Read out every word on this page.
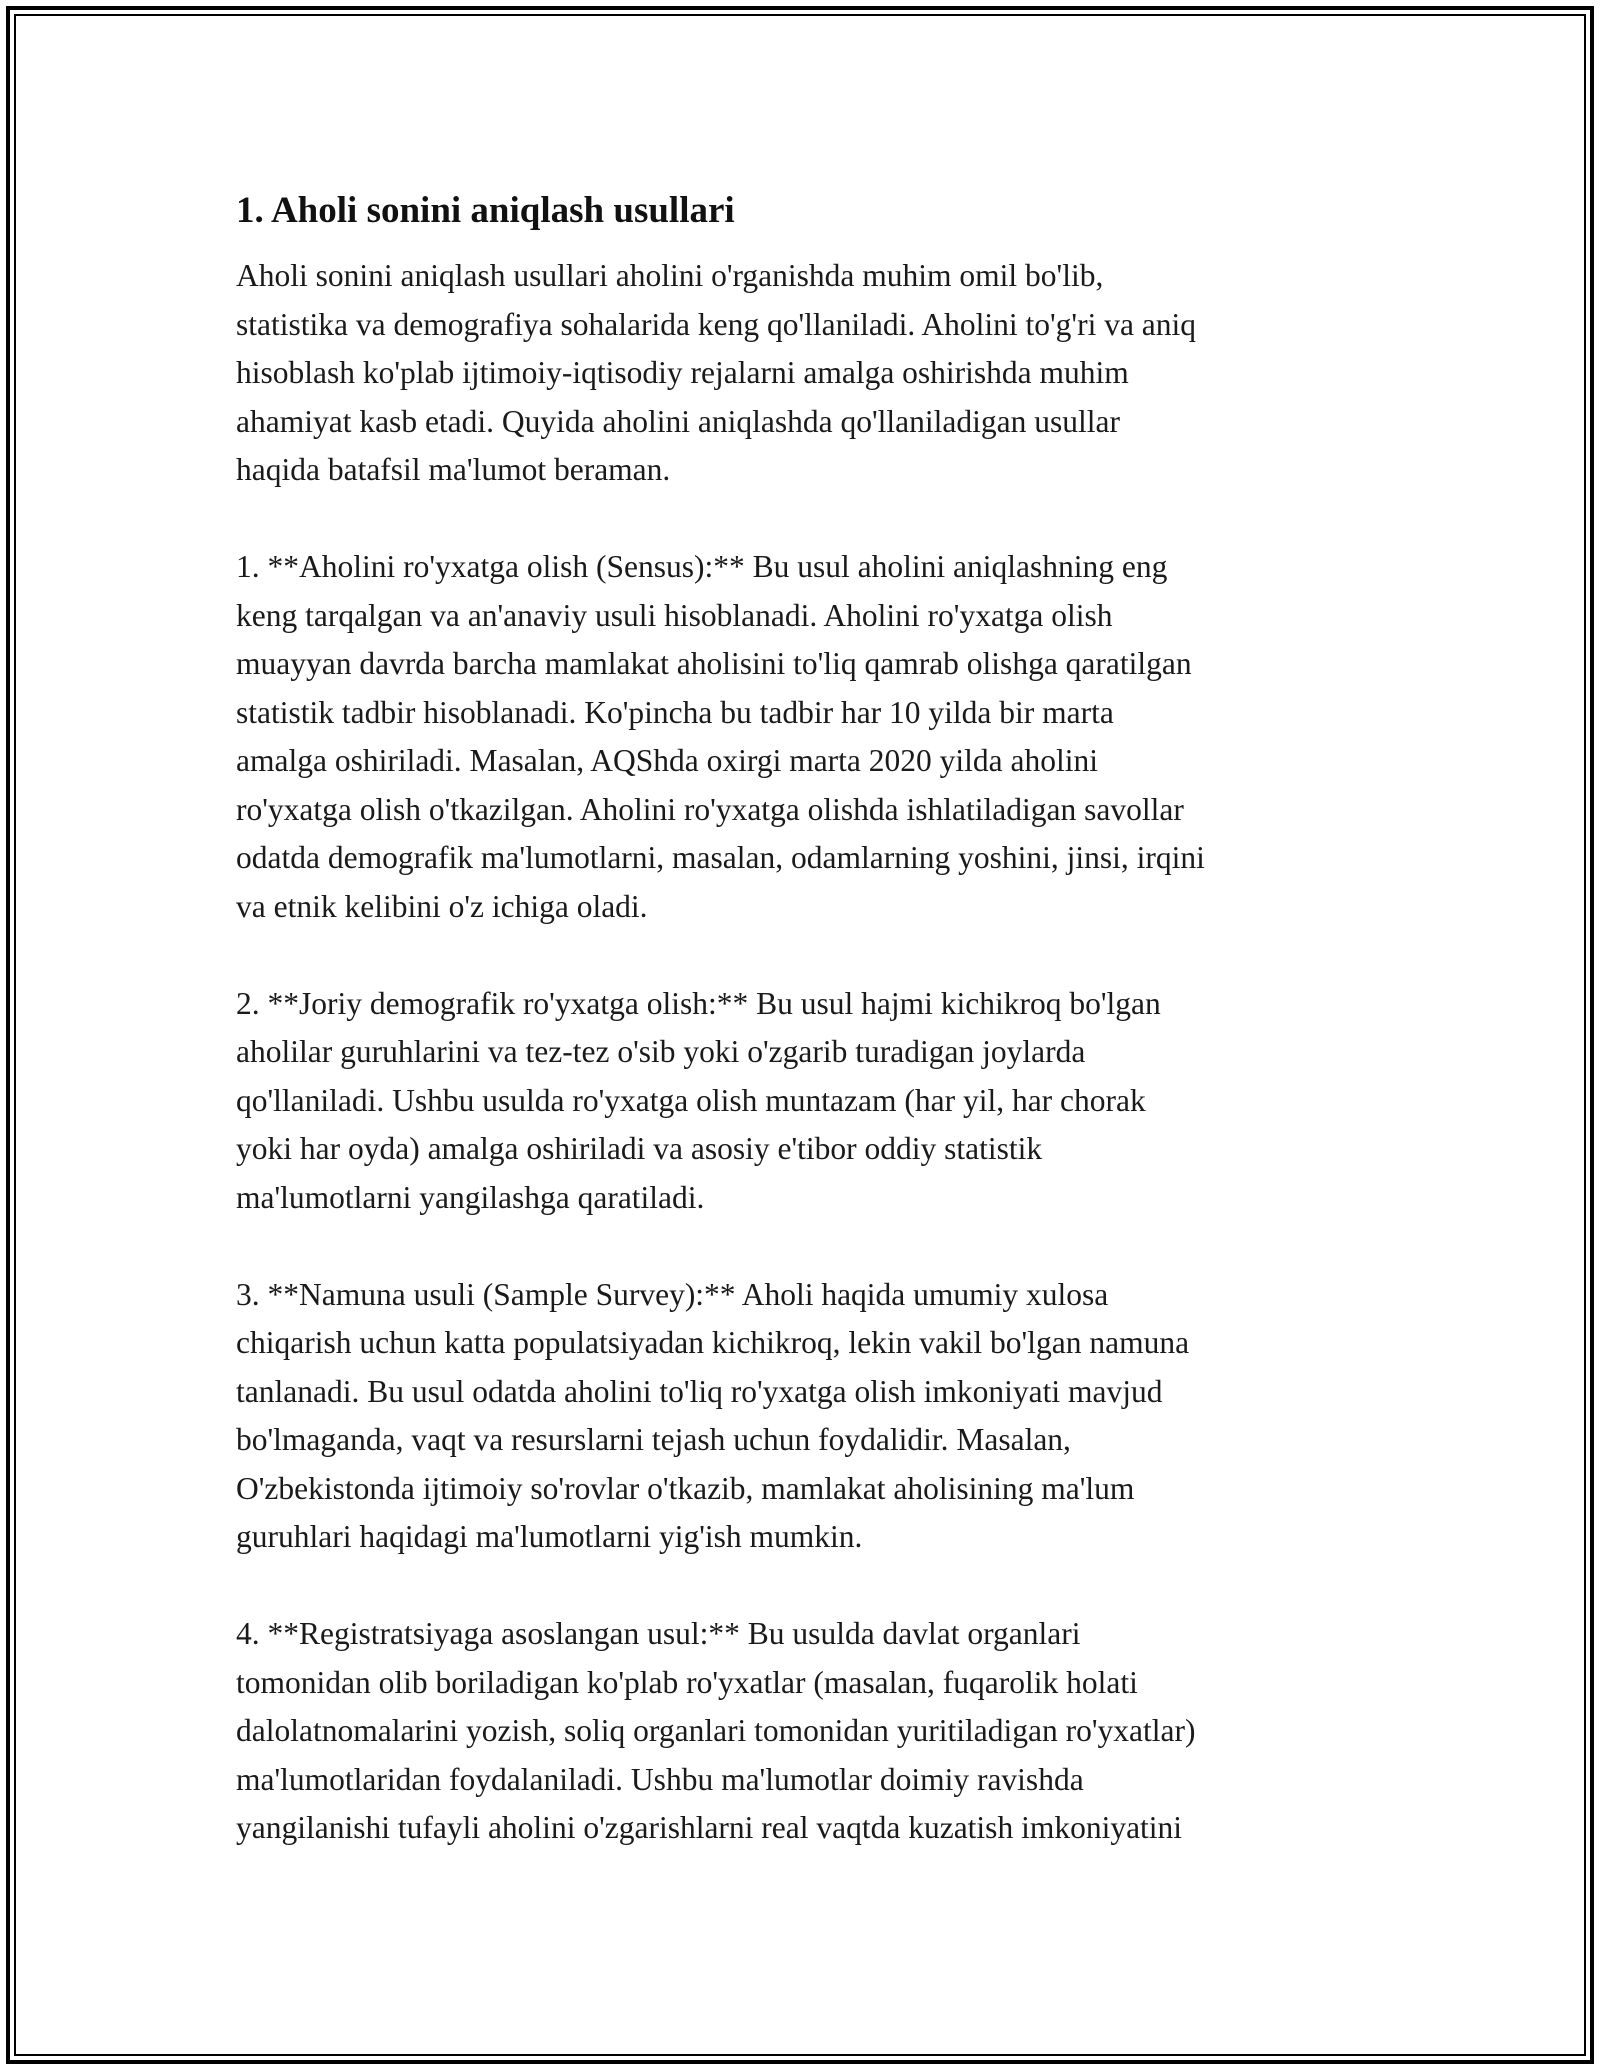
1. Aholi sonini aniqlash usullari
Aholi sonini aniqlash usullari aholini o'rganishda muhim omil bo'lib,
statistika va demografiya sohalarida keng qo'llaniladi. Aholini to'g'ri va aniq
hisoblash ko'plab ijtimoiy-iqtisodiy rejalarni amalga oshirishda muhim
ahamiyat kasb etadi. Quyida aholini aniqlashda qo'llaniladigan usullar
haqida batafsil ma'lumot beraman.
1. **Aholini ro'yxatga olish (Sensus):** Bu usul aholini aniqlashning eng
keng tarqalgan va an'anaviy usuli hisoblanadi. Aholini ro'yxatga olish
muayyan davrda barcha mamlakat aholisini to'liq qamrab olishga qaratilgan
statistik tadbir hisoblanadi. Ko'pincha bu tadbir har 10 yilda bir marta
amalga oshiriladi. Masalan, AQShda oxirgi marta 2020 yilda aholini
ro'yxatga olish o'tkazilgan. Aholini ro'yxatga olishda ishlatiladigan savollar
odatda demografik ma'lumotlarni, masalan, odamlarning yoshini, jinsi, irqini
va etnik kelibini o'z ichiga oladi.
2. **Joriy demografik ro'yxatga olish:** Bu usul hajmi kichikroq bo'lgan
aholilar guruhlarini va tez-tez o'sib yoki o'zgarib turadigan joylarda
qo'llaniladi. Ushbu usulda ro'yxatga olish muntazam (har yil, har chorak
yoki har oyda) amalga oshiriladi va asosiy e'tibor oddiy statistik
ma'lumotlarni yangilashga qaratiladi.
3. **Namuna usuli (Sample Survey):** Aholi haqida umumiy xulosa
chiqarish uchun katta populatsiyadan kichikroq, lekin vakil bo'lgan namuna
tanlanadi. Bu usul odatda aholini to'liq ro'yxatga olish imkoniyati mavjud
bo'lmaganda, vaqt va resurslarni tejash uchun foydalidir. Masalan,
O'zbekistonda ijtimoiy so'rovlar o'tkazib, mamlakat aholisining ma'lum
guruhlari haqidagi ma'lumotlarni yig'ish mumkin.
4. **Registratsiyaga asoslangan usul:** Bu usulda davlat organlari
tomonidan olib boriladigan ko'plab ro'yxatlar (masalan, fuqarolik holati
dalolatnomalarini yozish, soliq organlari tomonidan yuritiladigan ro'yxatlar)
ma'lumotlaridan foydalaniladi. Ushbu ma'lumotlar doimiy ravishda
yangilanishi tufayli aholini o'zgarishlarni real vaqtda kuzatish imkoniyatini
